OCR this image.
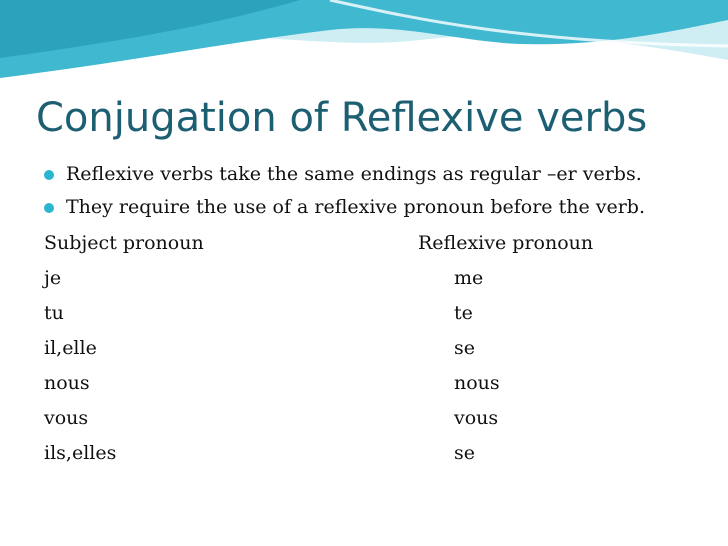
Conjugation of Reflexive verbs
Reflexive verbs take the same endings as regular –er verbs.
They require the use of a reflexive pronoun before the verb.
Subject pronoun	Reflexive pronoun
je	me
tu	te
il,elle	se
nous	nous
vous	vous
ils,elles	se
